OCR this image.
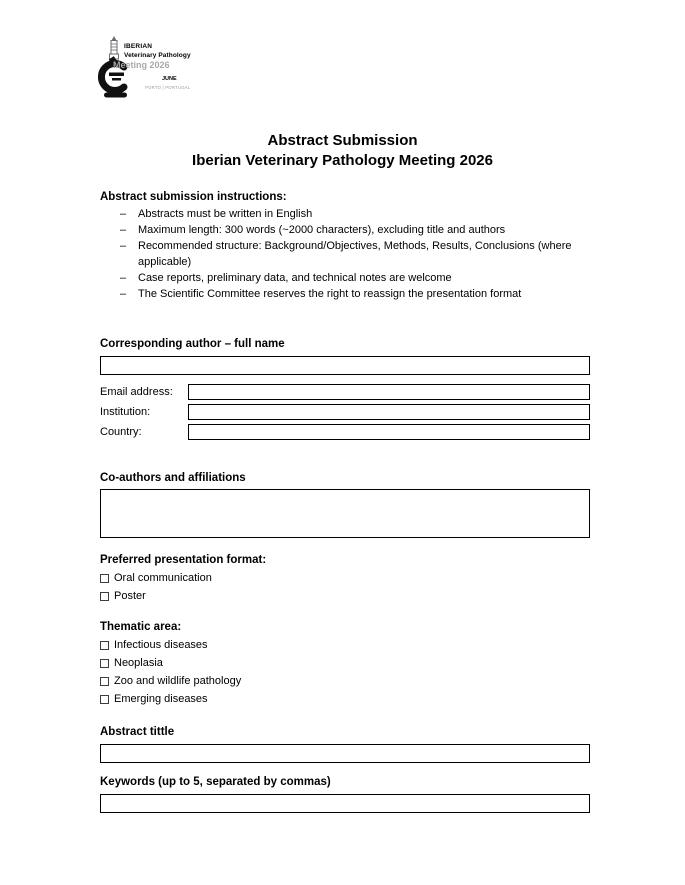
IBERIAN
Veterinary Pathology
Meeting 2026
JUNE
PORTO | PORTUGAL
Abstract Submission
Iberian Veterinary Pathology Meeting 2026
Abstract submission instructions:
–	Abstracts must be written in English
–	Maximum length: 300 words (~2000 characters), excluding title and authors
–	Recommended structure: Background/Objectives, Methods, Results, Conclusions (where applicable)
–	Case reports, preliminary data, and technical notes are welcome
–	The Scientific Committee reserves the right to reassign the presentation format
Corresponding author – full name
Email address:
Institution:
Country:
Co-authors and affiliations
Preferred presentation format:
Oral communication
Poster
Thematic area:
Infectious diseases
Neoplasia
Zoo and wildlife pathology
Emerging diseases
Abstract tittle
Keywords (up to 5, separated by commas)
